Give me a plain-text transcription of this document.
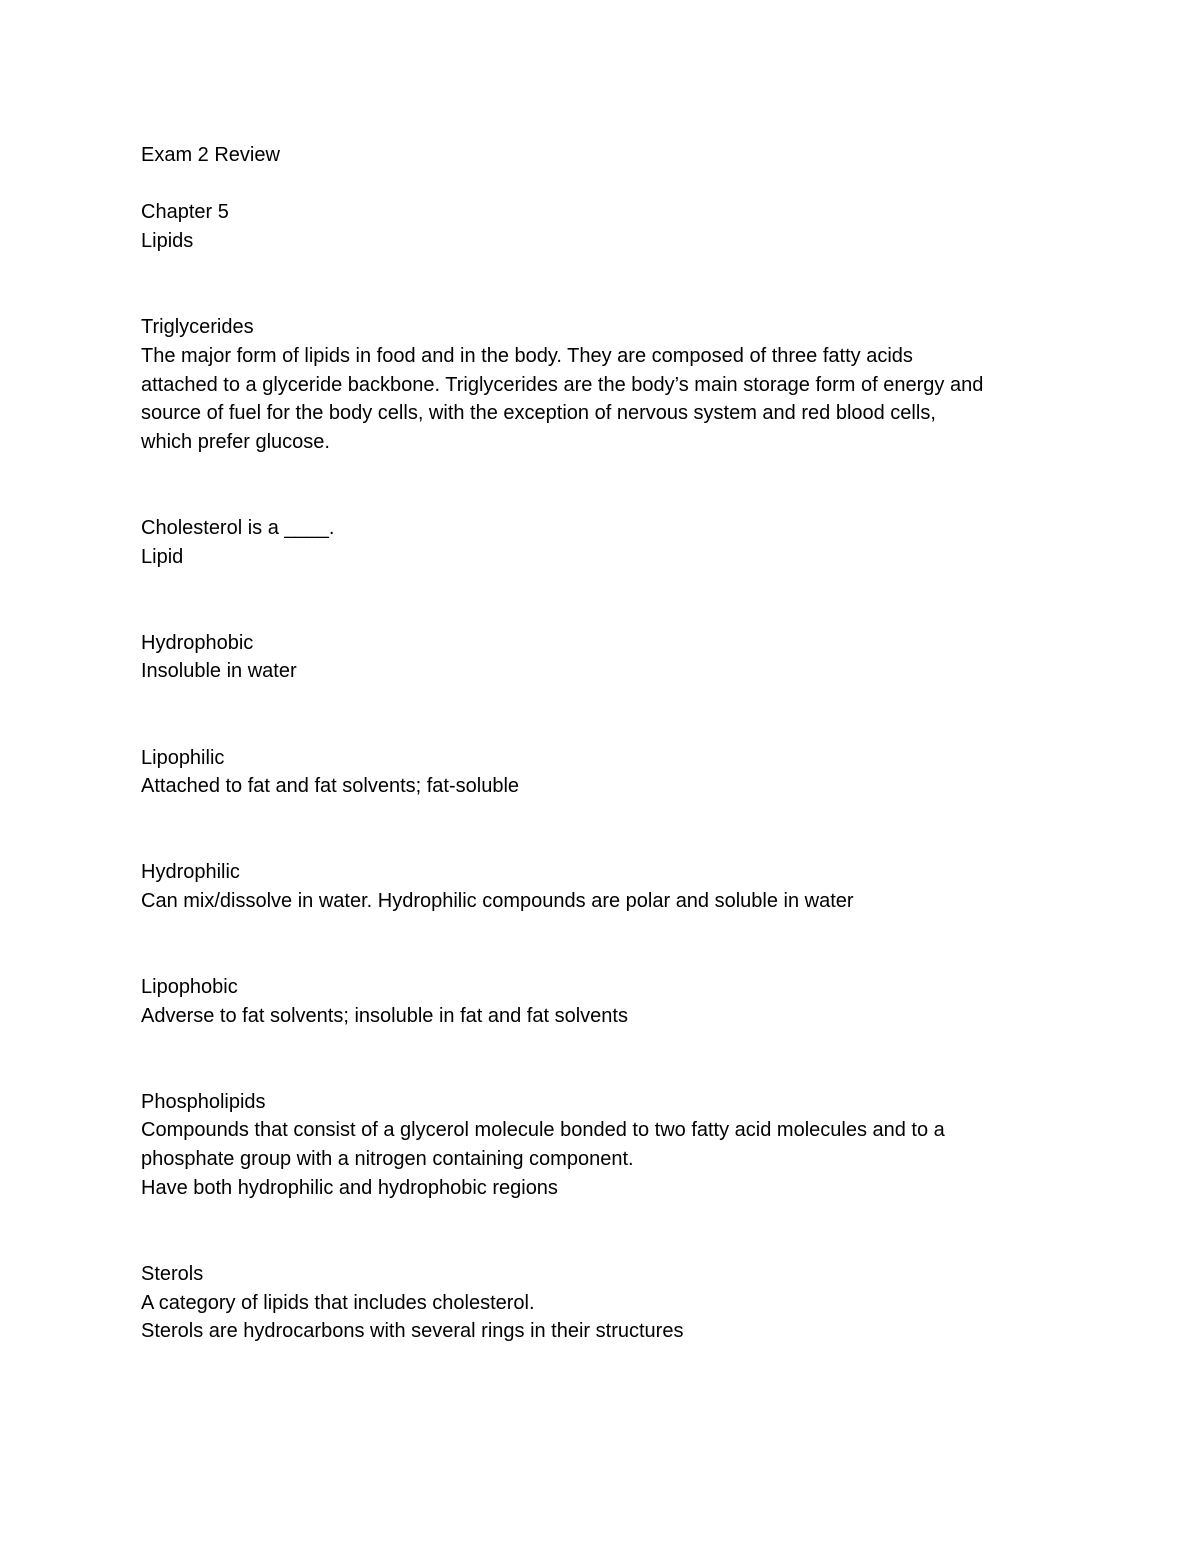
Exam 2 Review
Chapter 5
Lipids
Triglycerides
The major form of lipids in food and in the body. They are composed of three fatty acids
attached to a glyceride backbone. Triglycerides are the body’s main storage form of energy and
source of fuel for the body cells, with the exception of nervous system and red blood cells,
which prefer glucose.
Cholesterol is a ____.
Lipid
Hydrophobic
Insoluble in water
Lipophilic
Attached to fat and fat solvents; fat-soluble
Hydrophilic
Can mix/dissolve in water. Hydrophilic compounds are polar and soluble in water
Lipophobic
Adverse to fat solvents; insoluble in fat and fat solvents
Phospholipids
Compounds that consist of a glycerol molecule bonded to two fatty acid molecules and to a
phosphate group with a nitrogen containing component.
Have both hydrophilic and hydrophobic regions
Sterols
A category of lipids that includes cholesterol.
Sterols are hydrocarbons with several rings in their structures
